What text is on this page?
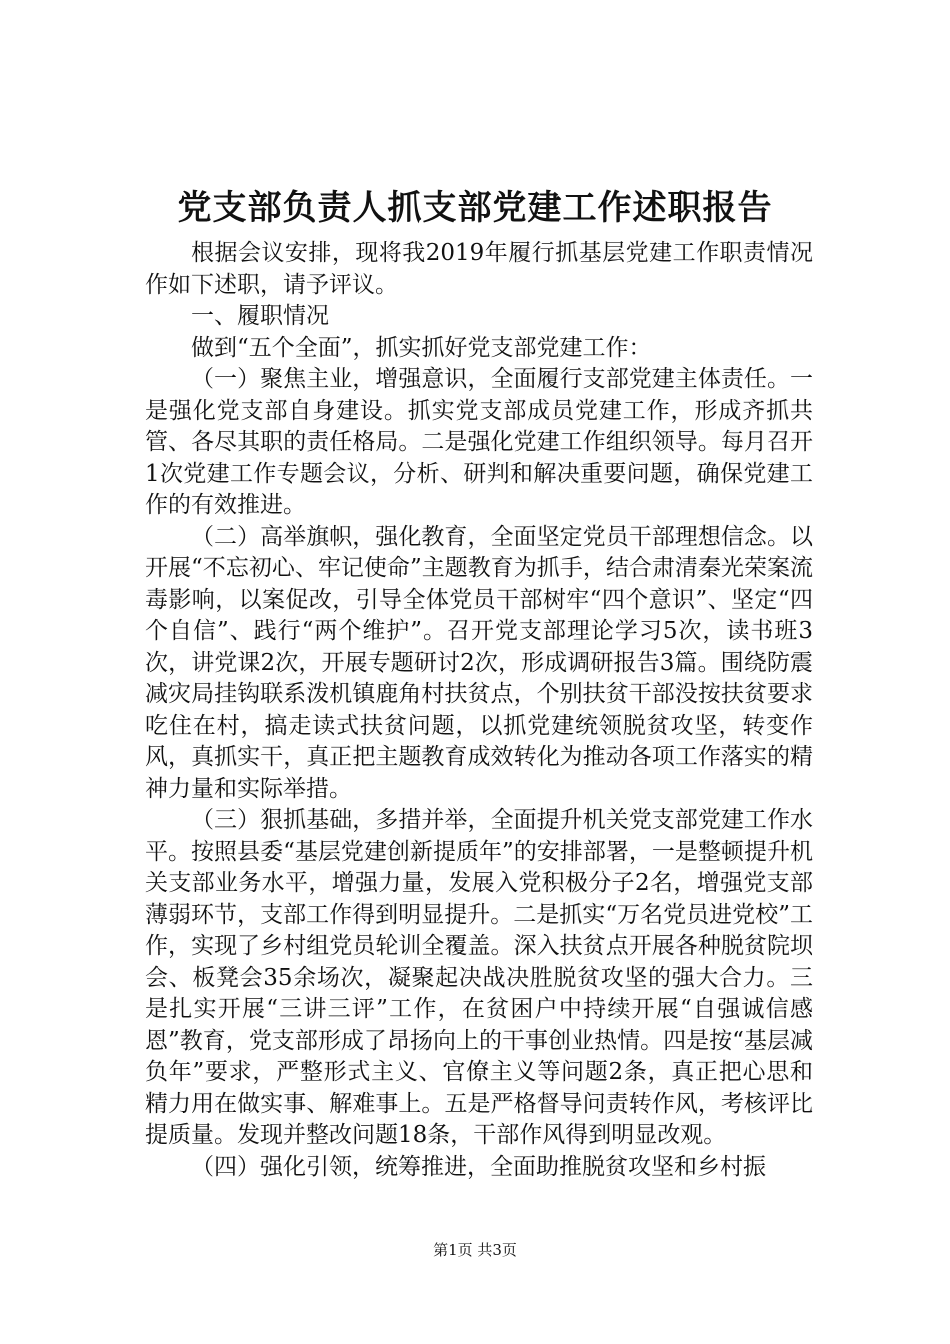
党支部负责人抓支部党建工作述职报告

根据会议安排，现将我2019年履行抓基层党建工作职责情况作如下述职，请予评议。

一、履职情况

做到“五个全面”，抓实抓好党支部党建工作：

（一）聚焦主业，增强意识，全面履行支部党建主体责任。一是强化党支部自身建设。抓实党支部成员党建工作，形成齐抓共管、各尽其职的责任格局。二是强化党建工作组织领导。每月召开1次党建工作专题会议，分析、研判和解决重要问题，确保党建工作的有效推进。

（二）高举旗帜，强化教育，全面坚定党员干部理想信念。以开展“不忘初心、牢记使命”主题教育为抓手，结合肃清秦光荣案流毒影响，以案促改，引导全体党员干部树牢“四个意识”、坚定“四个自信”、践行“两个维护”。召开党支部理论学习5次，读书班3次，讲党课2次，开展专题研讨2次，形成调研报告3篇。围绕防震减灾局挂钩联系泼机镇鹿角村扶贫点，个别扶贫干部没按扶贫要求吃住在村，搞走读式扶贫问题，以抓党建统领脱贫攻坚，转变作风，真抓实干，真正把主题教育成效转化为推动各项工作落实的精神力量和实际举措。

（三）狠抓基础，多措并举，全面提升机关党支部党建工作水平。按照县委“基层党建创新提质年”的安排部署，一是整顿提升机关支部业务水平，增强力量，发展入党积极分子2名，增强党支部薄弱环节，支部工作得到明显提升。二是抓实“万名党员进党校”工作，实现了乡村组党员轮训全覆盖。深入扶贫点开展各种脱贫院坝会、板凳会35余场次，凝聚起决战决胜脱贫攻坚的强大合力。三是扎实开展“三讲三评”工作，在贫困户中持续开展“自强诚信感恩”教育，党支部形成了昂扬向上的干事创业热情。四是按“基层减负年”要求，严整形式主义、官僚主义等问题2条，真正把心思和精力用在做实事、解难事上。五是严格督导问责转作风，考核评比提质量。发现并整改问题18条，干部作风得到明显改观。

（四）强化引领，统筹推进，全面助推脱贫攻坚和乡村振

第1页 共3页
